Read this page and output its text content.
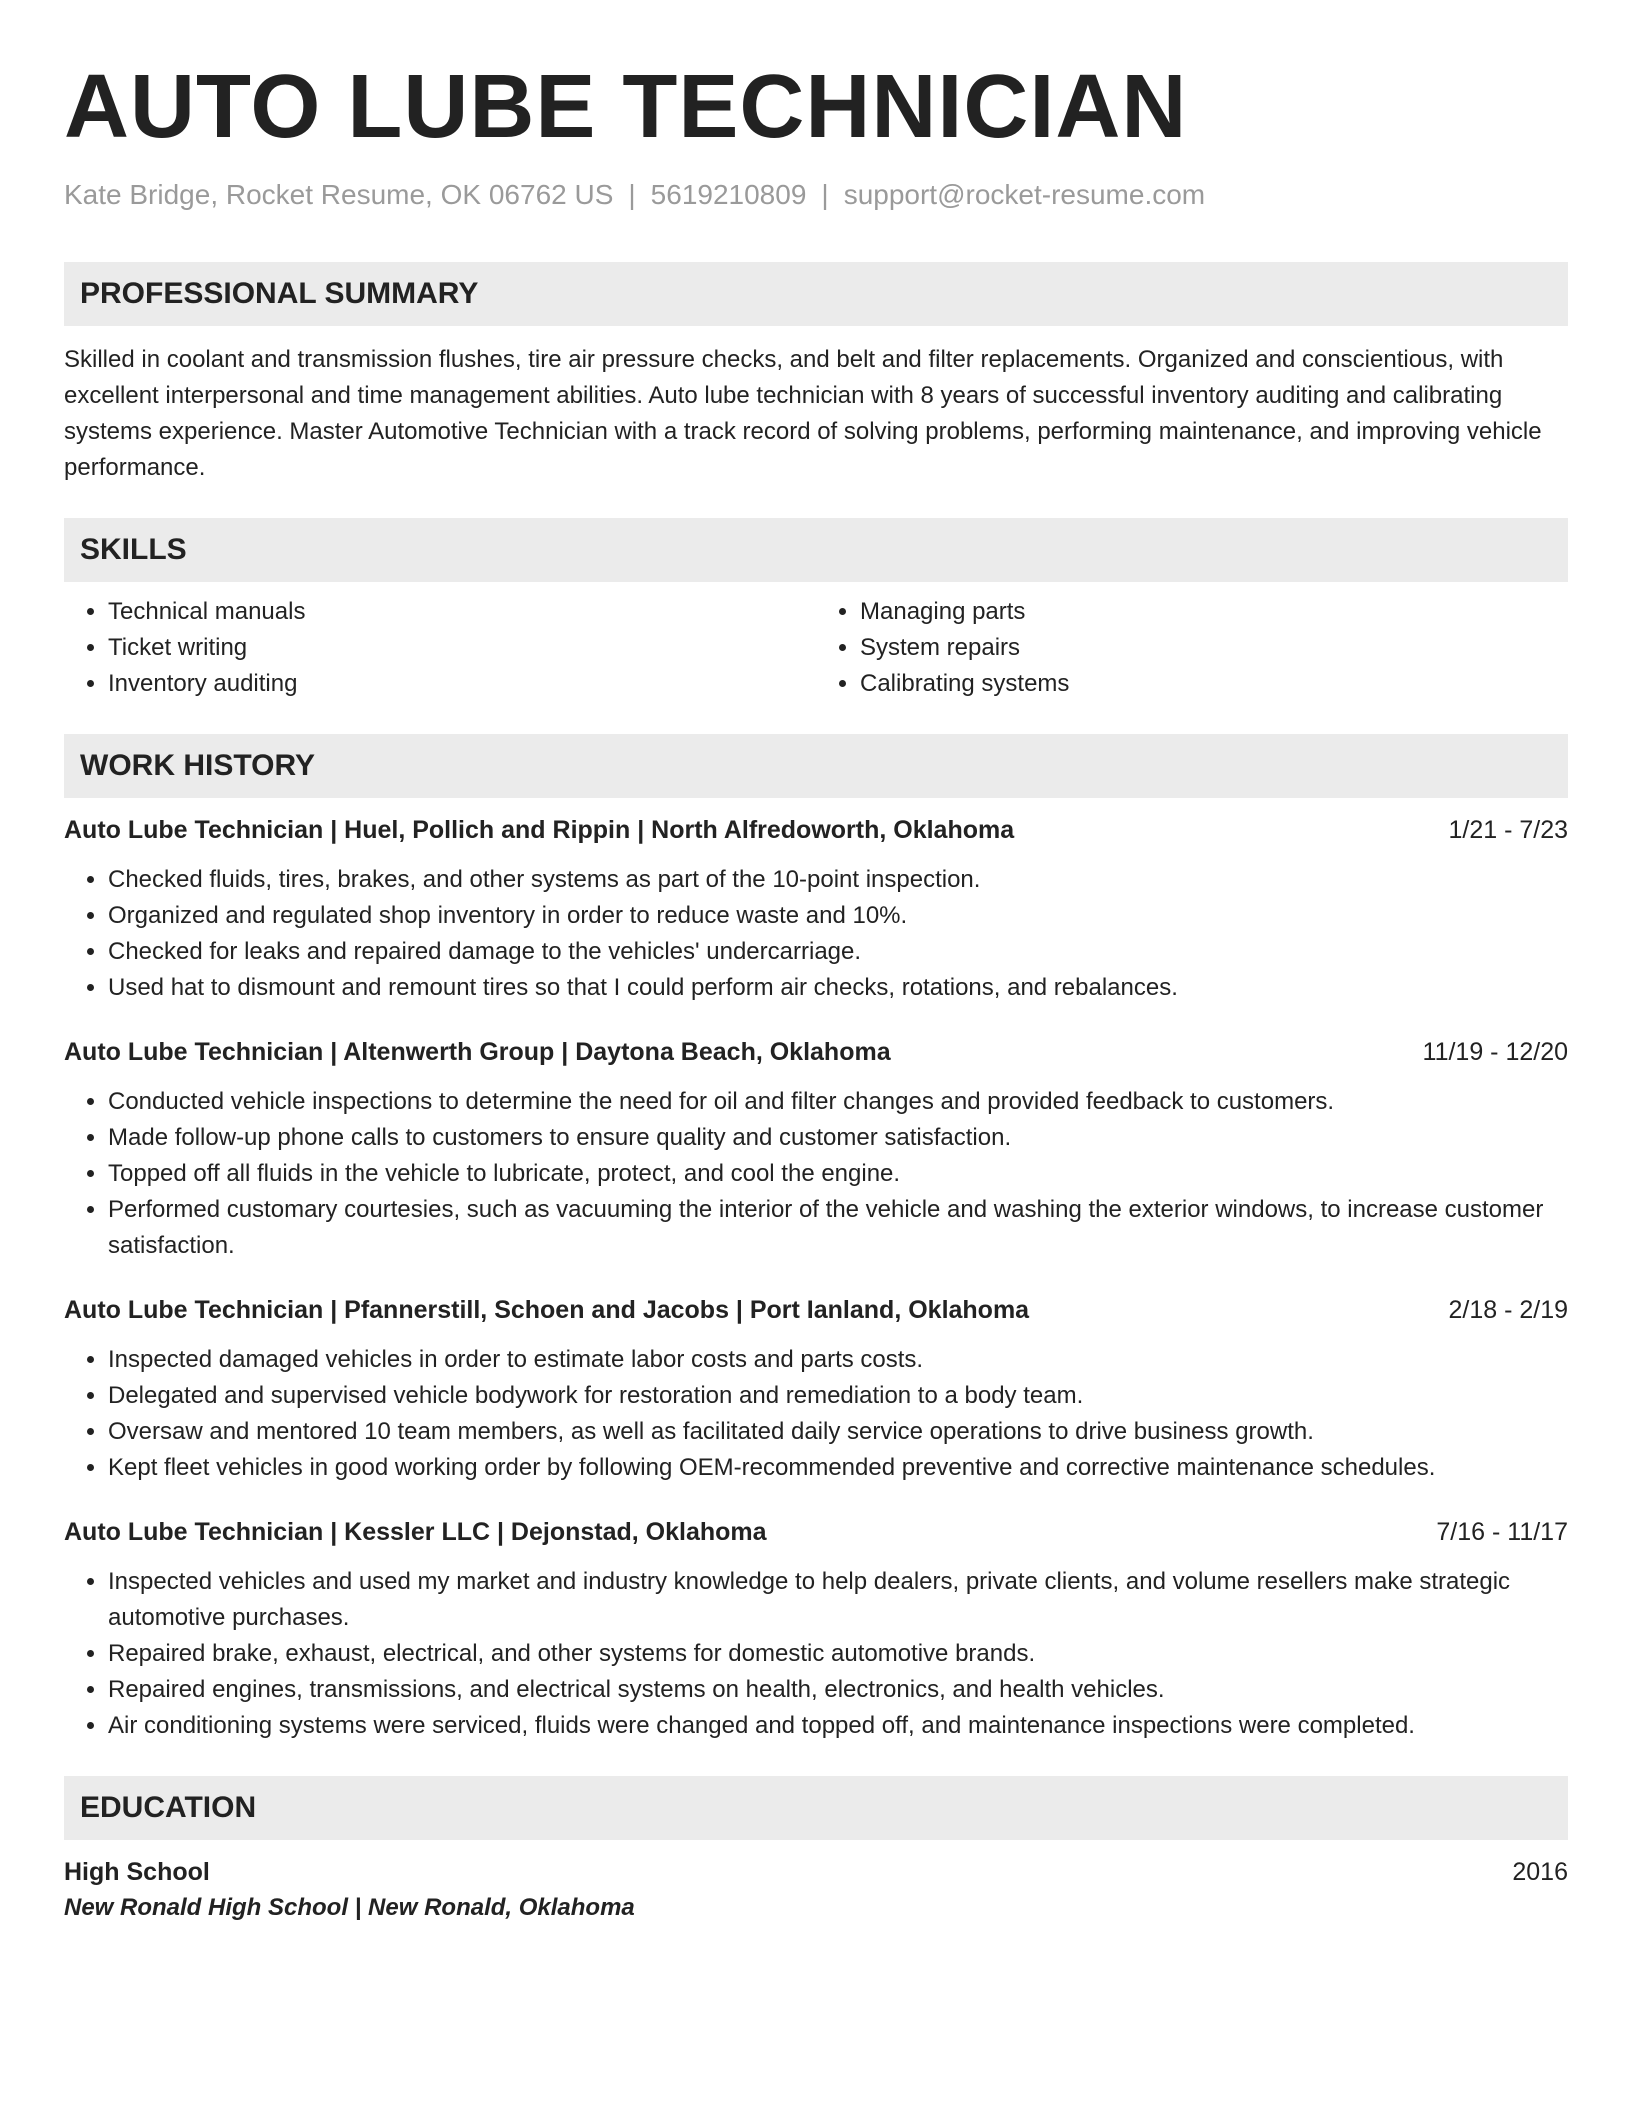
AUTO LUBE TECHNICIAN
Kate Bridge, Rocket Resume, OK 06762 US | 5619210809 | support@rocket-resume.com
PROFESSIONAL SUMMARY

Skilled in coolant and transmission flushes, tire air pressure checks, and belt and filter replacements. Organized and conscientious, with excellent interpersonal and time management abilities. Auto lube technician with 8 years of successful inventory auditing and calibrating systems experience. Master Automotive Technician with a track record of solving problems, performing maintenance, and improving vehicle performance.

SKILLS
• Technical manuals
• Ticket writing
• Inventory auditing
• Managing parts
• System repairs
• Calibrating systems
WORK HISTORY
Auto Lube Technician | Huel, Pollich and Rippin | North Alfredoworth, Oklahoma	1/21 - 7/23
• Checked fluids, tires, brakes, and other systems as part of the 10-point inspection.
• Organized and regulated shop inventory in order to reduce waste and 10%.
• Checked for leaks and repaired damage to the vehicles' undercarriage.
• Used hat to dismount and remount tires so that I could perform air checks, rotations, and rebalances.
Auto Lube Technician | Altenwerth Group | Daytona Beach, Oklahoma	11/19 - 12/20
• Conducted vehicle inspections to determine the need for oil and filter changes and provided feedback to customers.
• Made follow-up phone calls to customers to ensure quality and customer satisfaction.
• Topped off all fluids in the vehicle to lubricate, protect, and cool the engine.
• Performed customary courtesies, such as vacuuming the interior of the vehicle and washing the exterior windows, to increase customer satisfaction.
Auto Lube Technician | Pfannerstill, Schoen and Jacobs | Port Ianland, Oklahoma	2/18 - 2/19
• Inspected damaged vehicles in order to estimate labor costs and parts costs.
• Delegated and supervised vehicle bodywork for restoration and remediation to a body team.
• Oversaw and mentored 10 team members, as well as facilitated daily service operations to drive business growth.
• Kept fleet vehicles in good working order by following OEM-recommended preventive and corrective maintenance schedules.
Auto Lube Technician | Kessler LLC | Dejonstad, Oklahoma	7/16 - 11/17
• Inspected vehicles and used my market and industry knowledge to help dealers, private clients, and volume resellers make strategic automotive purchases.
• Repaired brake, exhaust, electrical, and other systems for domestic automotive brands.
• Repaired engines, transmissions, and electrical systems on health, electronics, and health vehicles.
• Air conditioning systems were serviced, fluids were changed and topped off, and maintenance inspections were completed.
EDUCATION
High School	2016
New Ronald High School | New Ronald, Oklahoma
